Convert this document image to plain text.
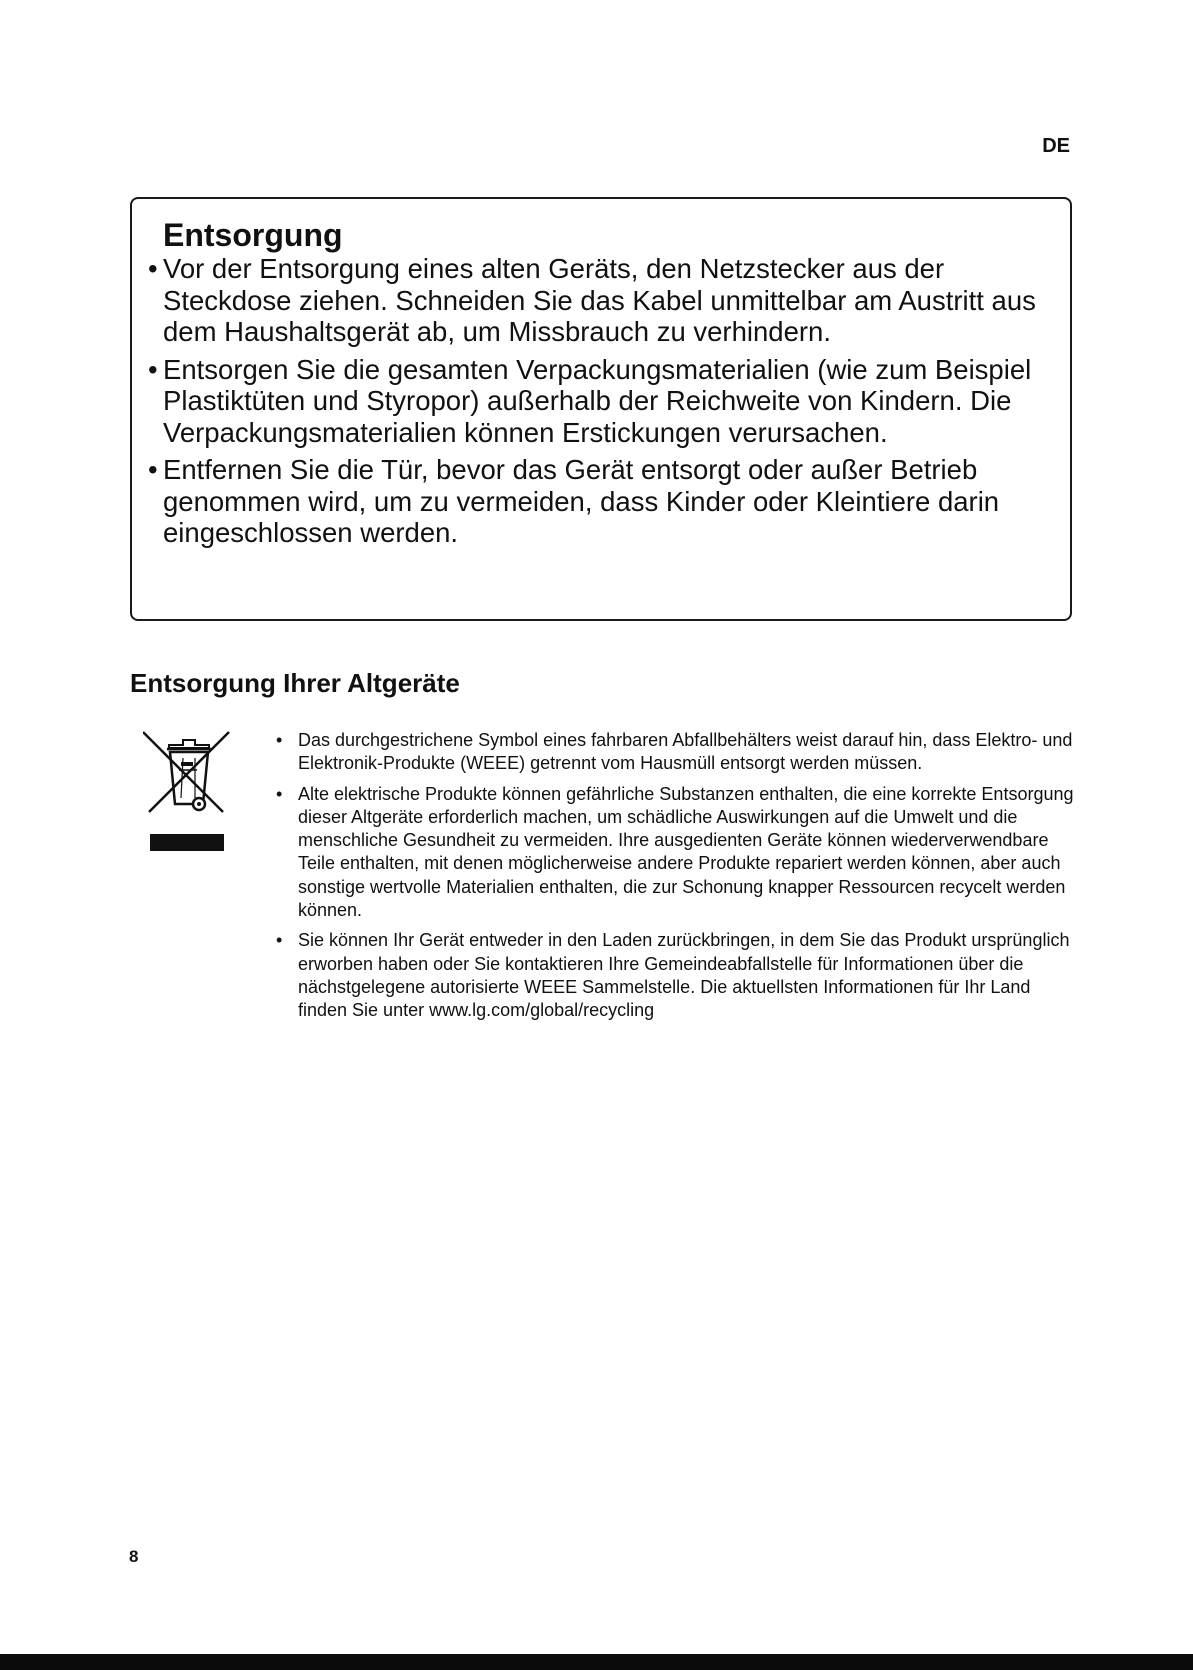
DE
Entsorgung
• Vor der Entsorgung eines alten Geräts, den Netzstecker aus der Steckdose ziehen. Schneiden Sie das Kabel unmittelbar am Austritt aus dem Haushaltsgerät ab, um Missbrauch zu verhindern.
• Entsorgen Sie die gesamten Verpackungsmaterialien (wie zum Beispiel Plastiktüten und Styropor) außerhalb der Reichweite von Kindern. Die Verpackungsmaterialien können Erstickungen verursachen.
• Entfernen Sie die Tür, bevor das Gerät entsorgt oder außer Betrieb genommen wird, um zu vermeiden, dass Kinder oder Kleintiere darin eingeschlossen werden.
Entsorgung Ihrer Altgeräte
• Das durchgestrichene Symbol eines fahrbaren Abfallbehälters weist darauf hin, dass Elektro- und Elektronik-Produkte (WEEE) getrennt vom Hausmüll entsorgt werden müssen.
• Alte elektrische Produkte können gefährliche Substanzen enthalten, die eine korrekte Entsorgung dieser Altgeräte erforderlich machen, um schädliche Auswirkungen auf die Umwelt und die menschliche Gesundheit zu vermeiden. Ihre ausgedienten Geräte können wiederverwendbare Teile enthalten, mit denen möglicherweise andere Produkte repariert werden können, aber auch sonstige wertvolle Materialien enthalten, die zur Schonung knapper Ressourcen recycelt werden können.
• Sie können Ihr Gerät entweder in den Laden zurückbringen, in dem Sie das Produkt ursprünglich erworben haben oder Sie kontaktieren Ihre Gemeindeabfallstelle für Informationen über die nächstgelegene autorisierte WEEE Sammelstelle. Die aktuellsten Informationen für Ihr Land finden Sie unter www.lg.com/global/recycling
8
